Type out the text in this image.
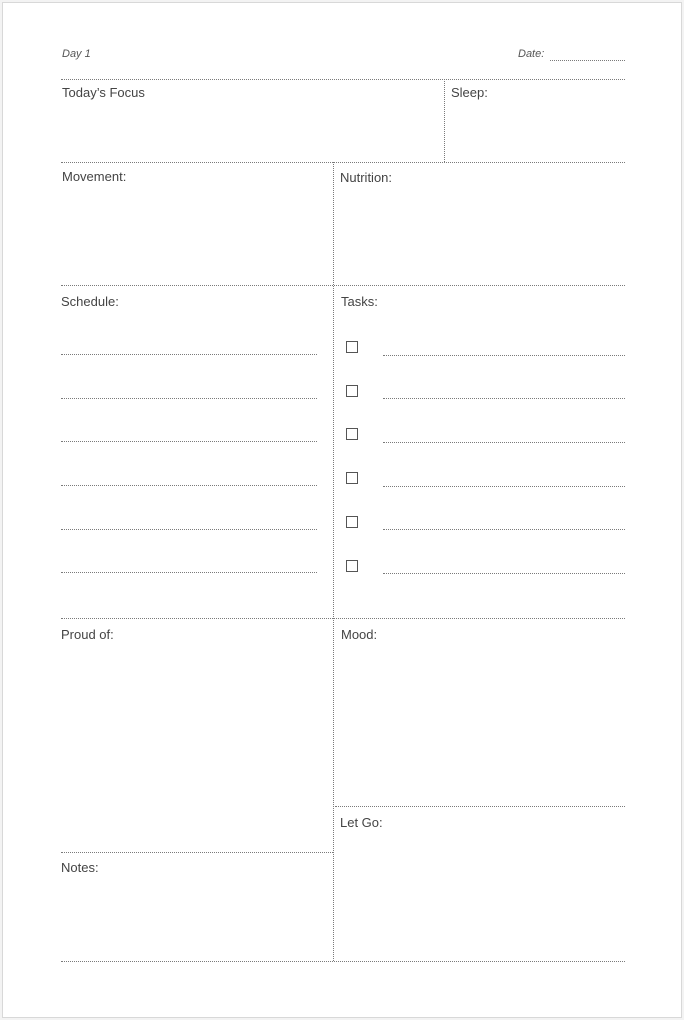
Day 1	Date:
Today’s Focus	Sleep:
Movement:	Nutrition:
Schedule:	Tasks:
Proud of:	Mood:
Let Go:
Notes:
